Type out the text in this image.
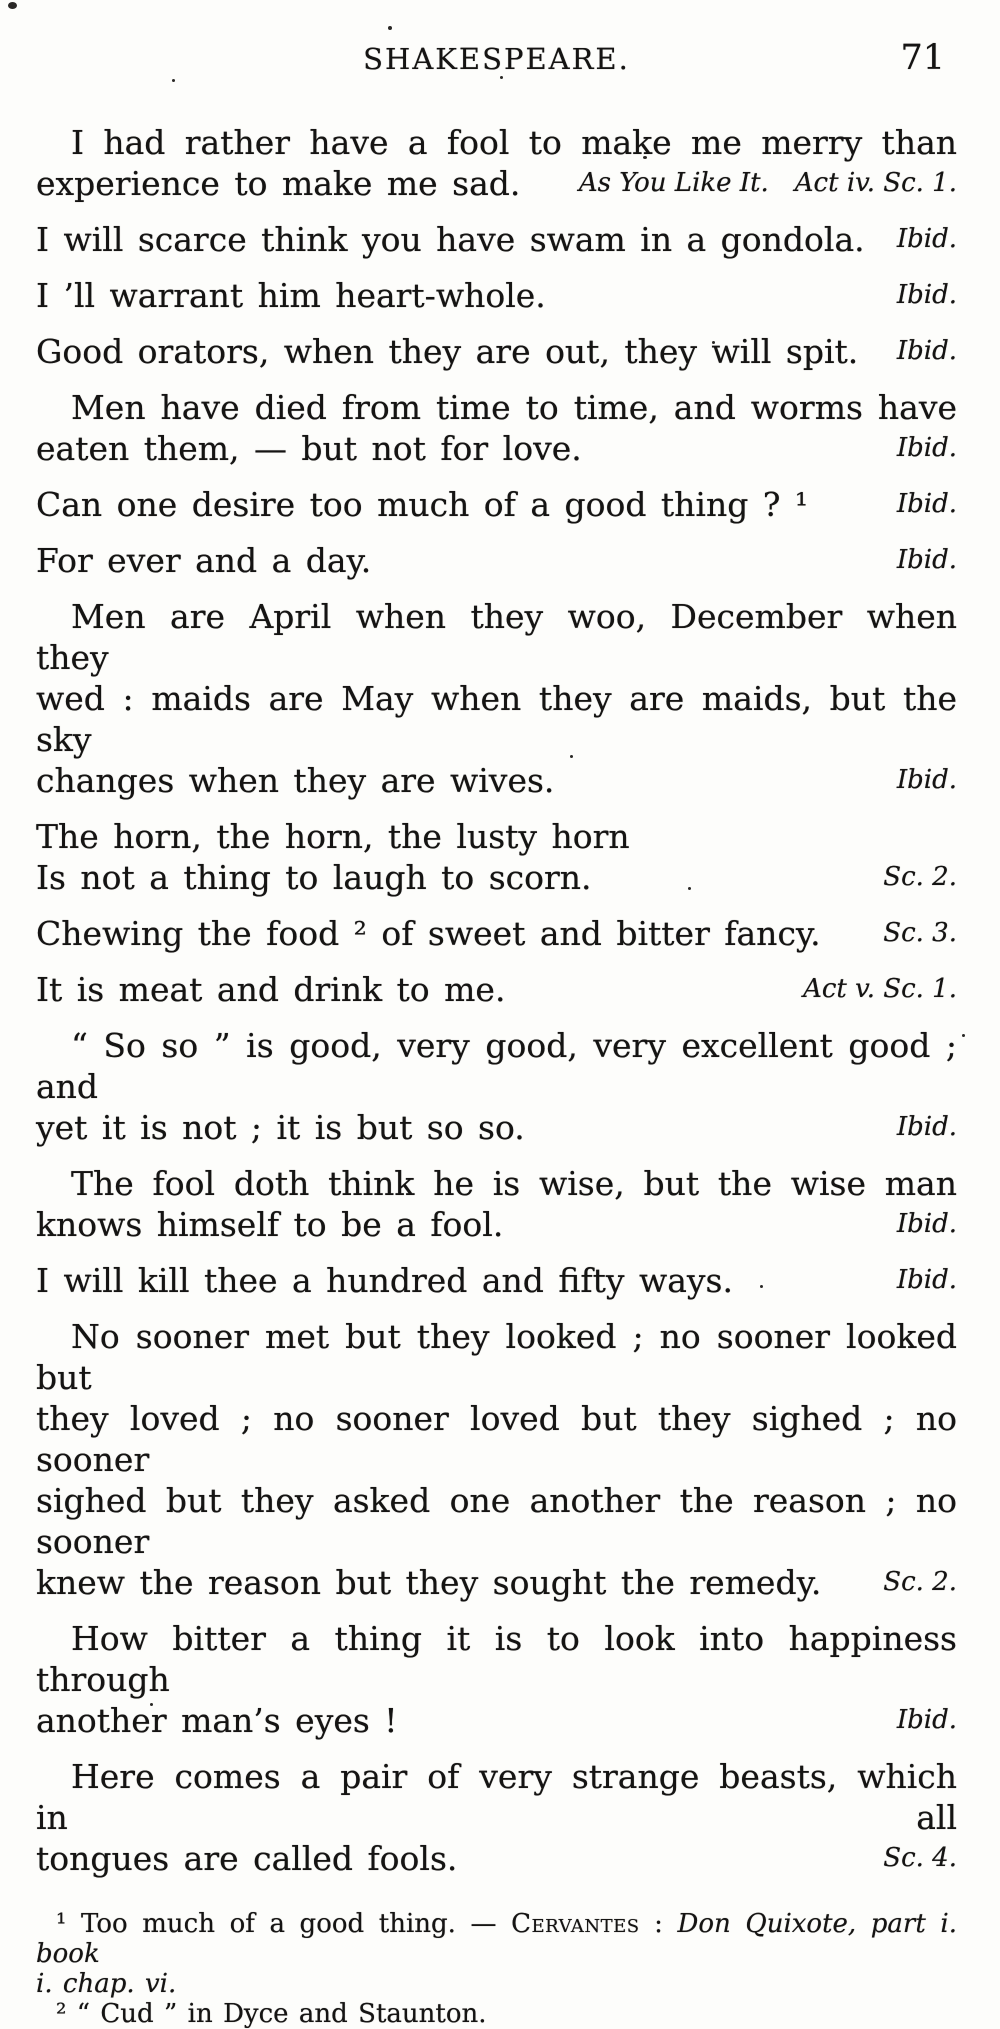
SHAKESPEARE.	71
I had rather have a fool to make me merry than
experience to make me sad. As You Like It.  Act iv. Sc. 1.
I will scarce think you have swam in a gondola. Ibid.
I ’ll warrant him heart-whole.	Ibid.
Good orators, when they are out, they will spit. Ibid.
Men have died from time to time, and worms have
eaten them, — but not for love.	Ibid.
Can one desire too much of a good thing ? ¹	Ibid.
For ever and a day.	Ibid.
Men are April when they woo, December when they
wed : maids are May when they are maids, but the sky
changes when they are wives.	Ibid.
The horn, the horn, the lusty horn
Is not a thing to laugh to scorn.	Sc. 2.
Chewing the food ² of sweet and bitter fancy. Sc. 3.
It is meat and drink to me.	Act v. Sc. 1.
“ So so ” is good, very good, very excellent good ; and
yet it is not ; it is but so so.	Ibid.
The fool doth think he is wise, but the wise man
knows himself to be a fool.	Ibid.
I will kill thee a hundred and fifty ways.	Ibid.
No sooner met but they looked ; no sooner looked but
they loved ; no sooner loved but they sighed ; no sooner
sighed but they asked one another the reason ; no sooner
knew the reason but they sought the remedy. Sc. 2.
How bitter a thing it is to look into happiness through
another man’s eyes !	Ibid.
Here comes a pair of very strange beasts, which in all
tongues are called fools.	Sc. 4.
¹ Too much of a good thing. — Cervantes : Don Quixote, part i. book
i. chap. vi.
² “ Cud ” in Dyce and Staunton.
